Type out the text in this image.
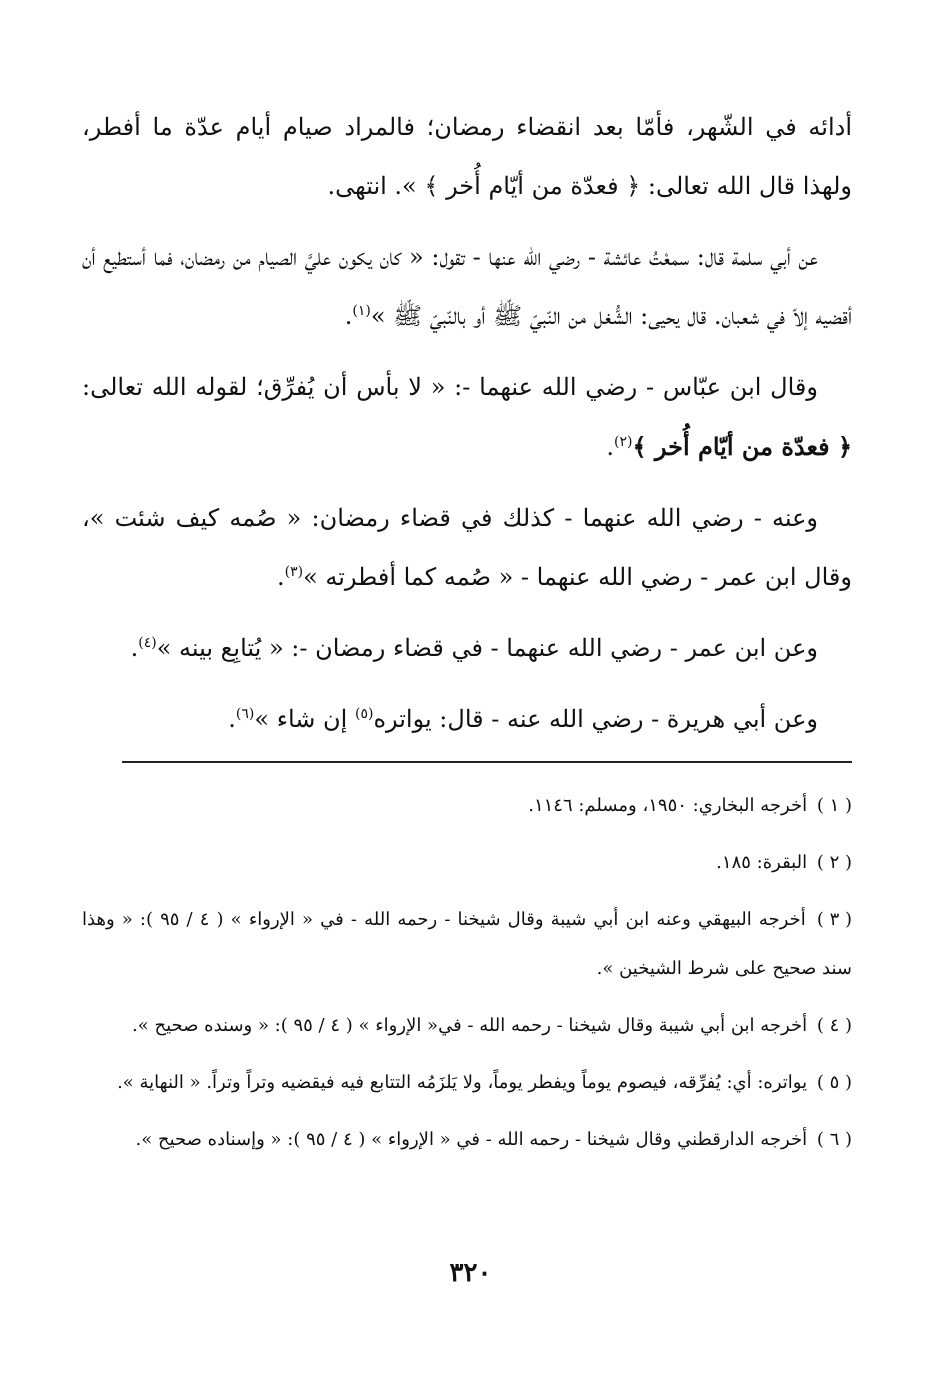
أدائه في الشّهر، فأمّا بعد انقضاء رمضان؛ فالمراد صيام أيام عدّة ما أفطر، ولهذا قال الله تعالى: ﴿ فعدّة من أيّام أُخر ﴾ ». انتهى.

عن أبي سلمة قال: سمعْتُ عائشة - رضي الله عنها - تقول: « كان يكون عليَّ الصيام من رمضان، فما أستطيع أن أقضيه إلاّ في شعبان. قال يحيى: الشُّغل من النّبيّ ﷺ أو بالنّبيّ ﷺ »$^{(١)}$.

وقال ابن عبّاس - رضي الله عنهما -: « لا بأس أن يُفرِّق؛ لقوله الله تعالى: ﴿ فعدّة من أيّام أُخر ﴾$^{(٢)}$.

وعنه - رضي الله عنهما - كذلك في قضاء رمضان: « صُمه كيف شئت »، وقال ابن عمر - رضي الله عنهما - « صُمه كما أفطرته »$^{(٣)}$.

وعن ابن عمر - رضي الله عنهما - في قضاء رمضان -: « يُتابِع بينه »$^{(٤)}$.

وعن أبي هريرة - رضي الله عنه - قال: يواتره$^{(٥)}$ إن شاء »$^{(٦)}$.

( ١ ) أخرجه البخاري: ١٩٥٠، ومسلم: ١١٤٦.

( ٢ ) البقرة: ١٨٥.

( ٣ ) أخرجه البيهقي وعنه ابن أبي شيبة وقال شيخنا - رحمه الله - في « الإرواء » ( ٤ / ٩٥ ): « وهذا سند صحيح على شرط الشيخين ».

( ٤ ) أخرجه ابن أبي شيبة وقال شيخنا - رحمه الله - في« الإرواء » ( ٤ / ٩٥ ): « وسنده صحيح ».

( ٥ ) يواتره: أي: يُفرِّقه، فيصوم يوماً ويفطر يوماً، ولا يَلزَمُه التتابع فيه فيقضيه وتراً وتراً. « النهاية ».

( ٦ ) أخرجه الدارقطني وقال شيخنا - رحمه الله - في « الإرواء » ( ٤ / ٩٥ ): « وإسناده صحيح ».

٣٢٠
